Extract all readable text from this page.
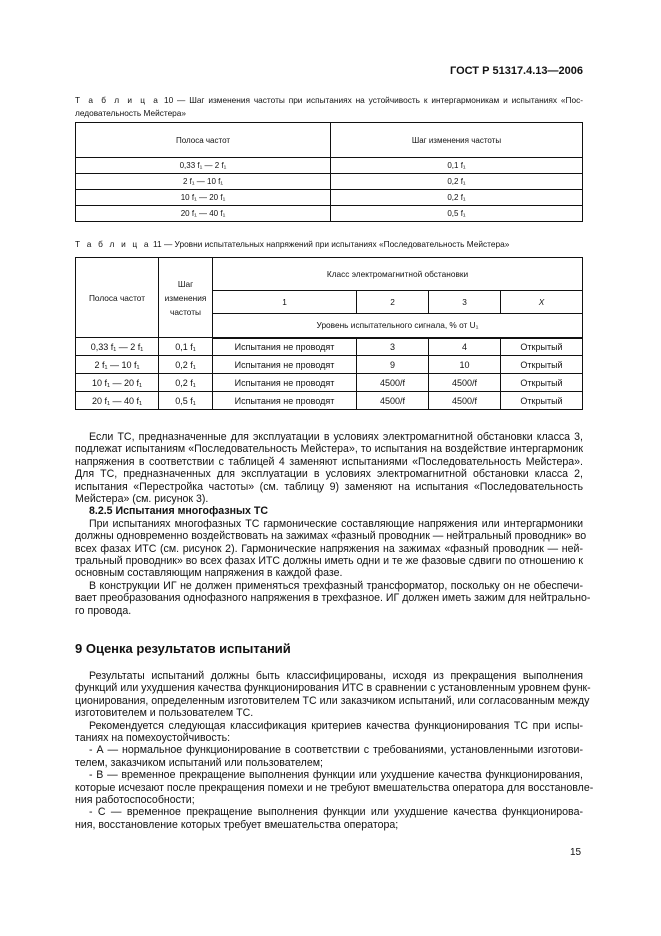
ГОСТ Р 51317.4.13—2006
Т а б л и ц а 10 — Шаг изменения частоты при испытаниях на устойчивость к интергармоникам и испытаниях «Пос-
ледовательность Мейстера»
Полоса частот	Шаг изменения частоты
0,33 f₁ — 2 f₁	0,1 f₁
2 f₁ — 10 f₁	0,2 f₁
10 f₁ — 20 f₁	0,2 f₁
20 f₁ — 40 f₁	0,5 f₁
Т а б л и ц а 11 — Уровни испытательных напряжений при испытаниях «Последовательность Мейстера»
Полоса частот	Шаг изменения частоты	Класс электромагнитной обстановки			
		1	2	3	X
		Уровень испытательного сигнала, % от U₁			
0,33 f₁ — 2 f₁	0,1 f₁	Испытания не проводят	3	4	Открытый
2 f₁ — 10 f₁	0,2 f₁	Испытания не проводят	9	10	Открытый
10 f₁ — 20 f₁	0,2 f₁	Испытания не проводят	4500/f	4500/f	Открытый
20 f₁ — 40 f₁	0,5 f₁	Испытания не проводят	4500/f	4500/f	Открытый
Если ТС, предназначенные для эксплуатации в условиях электромагнитной обстановки класса 3,
подлежат испытаниям «Последовательность Мейстера», то испытания на воздействие интергармоник
напряжения в соответствии с таблицей 4 заменяют испытаниями «Последовательность Мейстера».
Для ТС, предназначенных для эксплуатации в условиях электромагнитной обстановки класса 2,
испытания «Перестройка частоты» (см. таблицу 9) заменяют на испытания «Последовательность
Мейстера» (см. рисунок 3).
8.2.5 Испытания многофазных ТС
При испытаниях многофазных ТС гармонические составляющие напряжения или интергармоники
должны одновременно воздействовать на зажимах «фазный проводник — нейтральный проводник» во
всех фазах ИТС (см. рисунок 2). Гармонические напряжения на зажимах «фазный проводник — ней-
тральный проводник» во всех фазах ИТС должны иметь одни и те же фазовые сдвиги по отношению к
основным составляющим напряжения в каждой фазе.
В конструкции ИГ не должен применяться трехфазный трансформатор, поскольку он не обеспечи-
вает преобразования однофазного напряжения в трехфазное. ИГ должен иметь зажим для нейтрально-
го провода.
9 Оценка результатов испытаний
Результаты испытаний должны быть классифицированы, исходя из прекращения выполнения
функций или ухудшения качества функционирования ИТС в сравнении с установленным уровнем функ-
ционирования, определенным изготовителем ТС или заказчиком испытаний, или согласованным между
изготовителем и пользователем ТС.
Рекомендуется следующая классификация критериев качества функционирования ТС при испы-
таниях на помехоустойчивость:
- А — нормальное функционирование в соответствии с требованиями, установленными изготови-
телем, заказчиком испытаний или пользователем;
- В — временное прекращение выполнения функции или ухудшение качества функционирования,
которые исчезают после прекращения помехи и не требуют вмешательства оператора для восстановле-
ния работоспособности;
- С — временное прекращение выполнения функции или ухудшение качества функционирова-
ния, восстановление которых требует вмешательства оператора;
15
